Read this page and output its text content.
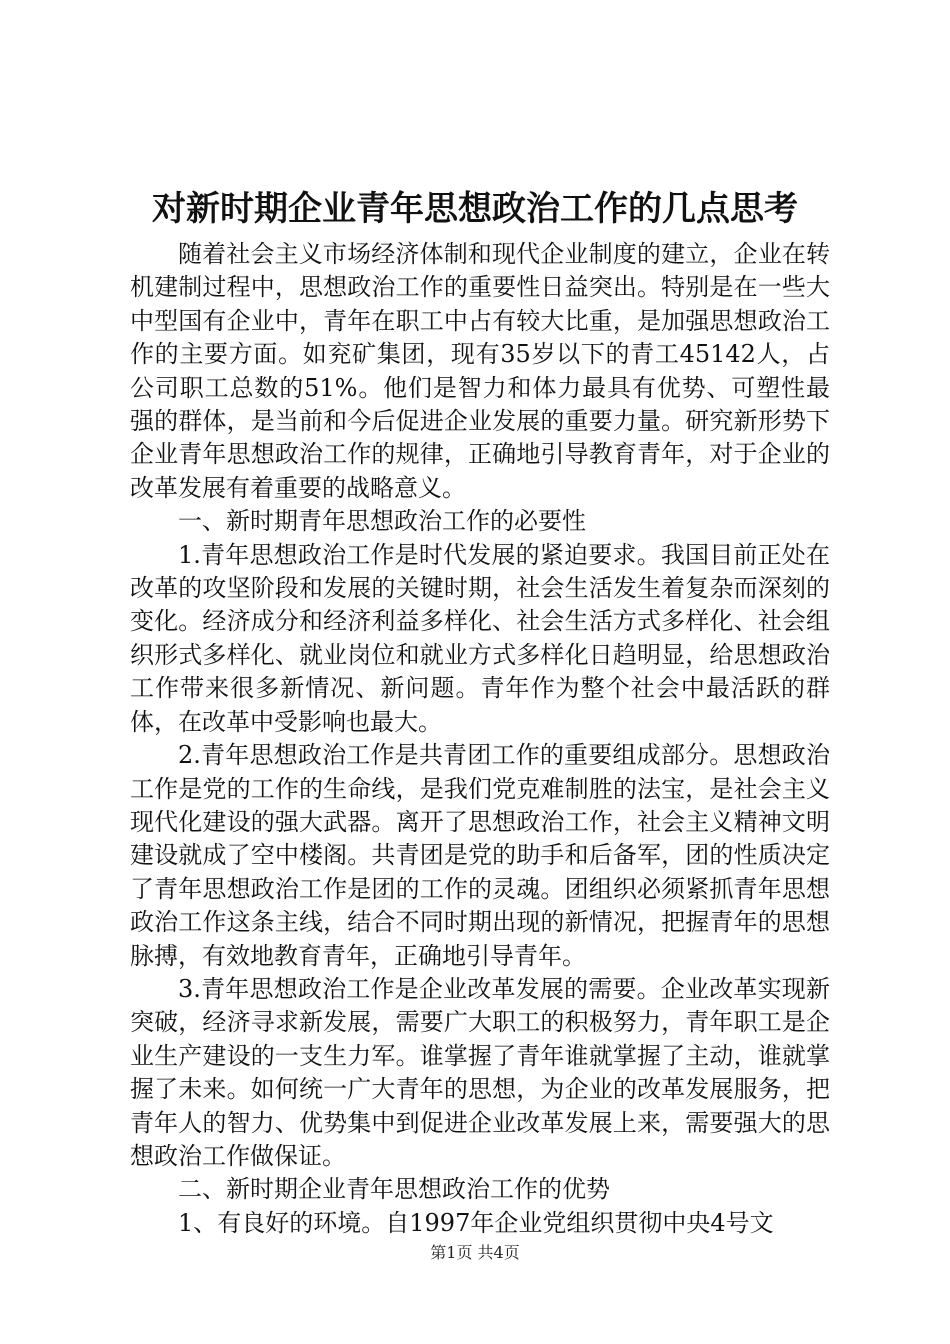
对新时期企业青年思想政治工作的几点思考

随着社会主义市场经济体制和现代企业制度的建立，企业在转机建制过程中，思想政治工作的重要性日益突出。特别是在一些大中型国有企业中，青年在职工中占有较大比重，是加强思想政治工作的主要方面。如兖矿集团，现有35岁以下的青工45142人，占公司职工总数的51%。他们是智力和体力最具有优势、可塑性最强的群体，是当前和今后促进企业发展的重要力量。研究新形势下企业青年思想政治工作的规律，正确地引导教育青年，对于企业的改革发展有着重要的战略意义。

一、新时期青年思想政治工作的必要性

1.青年思想政治工作是时代发展的紧迫要求。我国目前正处在改革的攻坚阶段和发展的关键时期，社会生活发生着复杂而深刻的变化。经济成分和经济利益多样化、社会生活方式多样化、社会组织形式多样化、就业岗位和就业方式多样化日趋明显，给思想政治工作带来很多新情况、新问题。青年作为整个社会中最活跃的群体，在改革中受影响也最大。

2.青年思想政治工作是共青团工作的重要组成部分。思想政治工作是党的工作的生命线，是我们党克难制胜的法宝，是社会主义现代化建设的强大武器。离开了思想政治工作，社会主义精神文明建设就成了空中楼阁。共青团是党的助手和后备军，团的性质决定了青年思想政治工作是团的工作的灵魂。团组织必须紧抓青年思想政治工作这条主线，结合不同时期出现的新情况，把握青年的思想脉搏，有效地教育青年，正确地引导青年。

3.青年思想政治工作是企业改革发展的需要。企业改革实现新突破，经济寻求新发展，需要广大职工的积极努力，青年职工是企业生产建设的一支生力军。谁掌握了青年谁就掌握了主动，谁就掌握了未来。如何统一广大青年的思想，为企业的改革发展服务，把青年人的智力、优势集中到促进企业改革发展上来，需要强大的思想政治工作做保证。

二、新时期企业青年思想政治工作的优势

1、有良好的环境。自1997年企业党组织贯彻中央4号文

第1页 共4页
